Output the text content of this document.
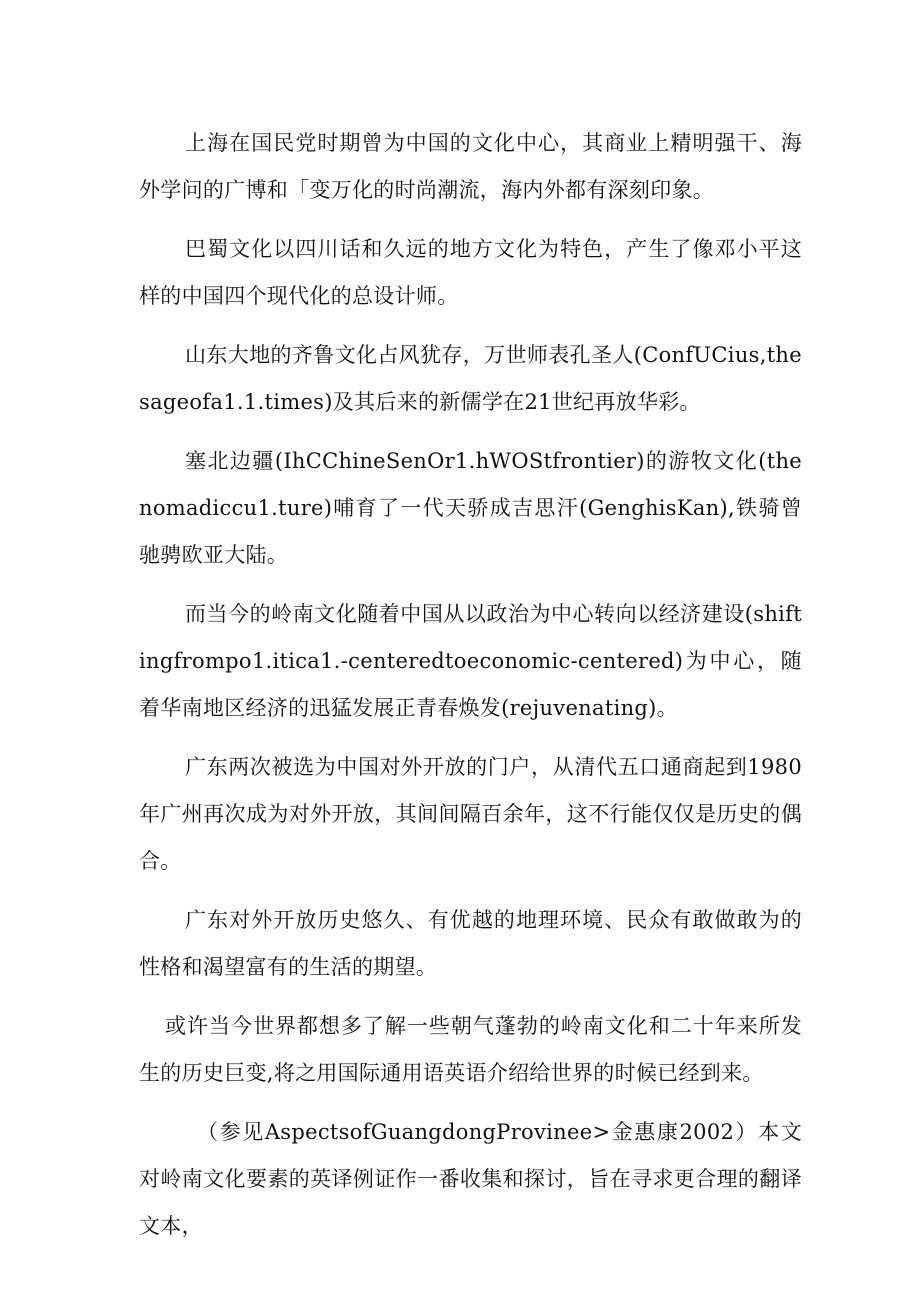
上海在国民党时期曾为中国的文化中心，其商业上精明强干、海外学问的广博和「变万化的时尚潮流，海内外都有深刻印象。

巴蜀文化以四川话和久远的地方文化为特色，产生了像邓小平这样的中国四个现代化的总设计师。

山东大地的齐鲁文化占风犹存，万世师表孔圣人(ConfUCius,thesageofa1.1.times)及其后来的新儒学在21世纪再放华彩。

塞北边疆(IhCChineSenOr1.hWOStfrontier)的游牧文化(thenomadiccu1.ture)哺育了一代天骄成吉思汗(GenghisKan),铁骑曾驰骋欧亚大陆。

而当今的岭南文化随着中国从以政治为中心转向以经济建设(shiftingfrompo1.itica1.-centeredtoeconomic-centered)为中心，随着华南地区经济的迅猛发展正青春焕发(rejuvenating)。

广东两次被选为中国对外开放的门户，从清代五口通商起到1980年广州再次成为对外开放，其间间隔百余年，这不行能仅仅是历史的偶合。

广东对外开放历史悠久、有优越的地理环境、民众有敢做敢为的性格和渴望富有的生活的期望。

或许当今世界都想多了解一些朝气蓬勃的岭南文化和二十年来所发生的历史巨变,将之用国际通用语英语介绍给世界的时候已经到来。

（参见AspectsofGuangdongProvinee>金惠康2002）本文对岭南文化要素的英译例证作一番收集和探讨，旨在寻求更合理的翻译文本，
